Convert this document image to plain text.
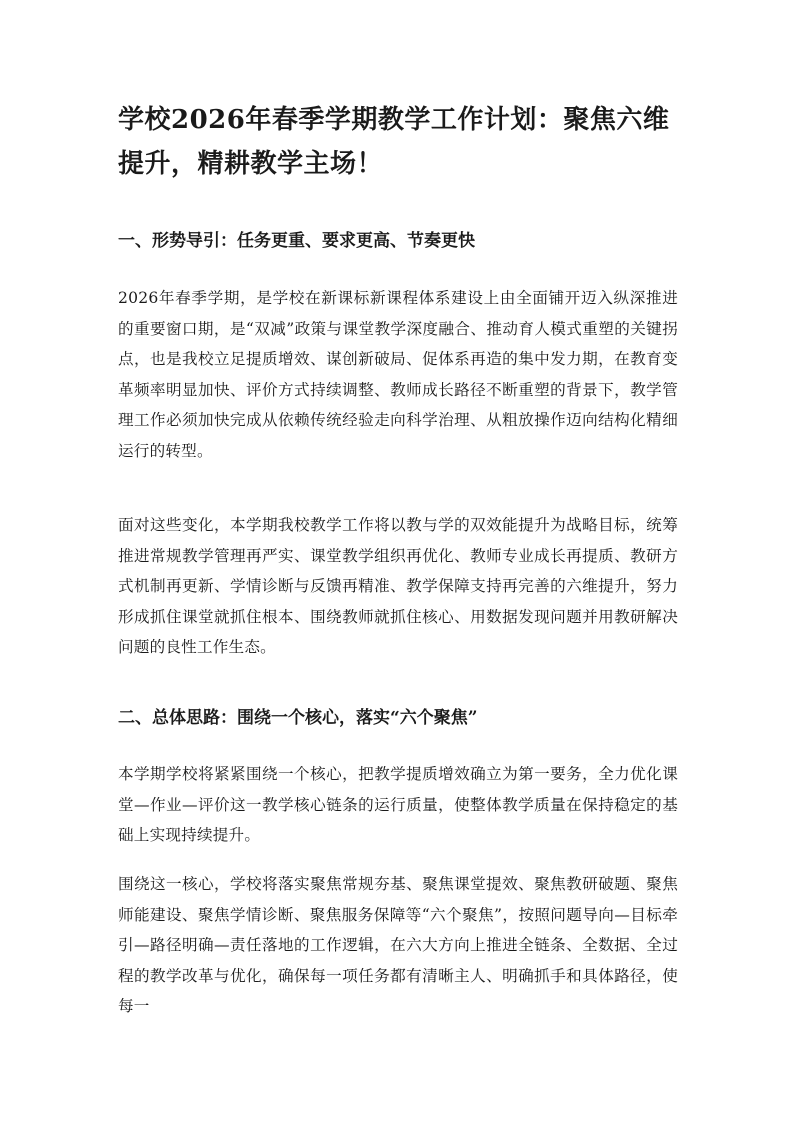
学校2026年春季学期教学工作计划：聚焦六维提升，精耕教学主场！
一、形势导引：任务更重、要求更高、节奏更快

2026年春季学期，是学校在新课标新课程体系建设上由全面铺开迈入纵深推进的重要窗口期，是“双减”政策与课堂教学深度融合、推动育人模式重塑的关键拐点，也是我校立足提质增效、谋创新破局、促体系再造的集中发力期，在教育变革频率明显加快、评价方式持续调整、教师成长路径不断重塑的背景下，教学管理工作必须加快完成从依赖传统经验走向科学治理、从粗放操作迈向结构化精细运行的转型。

面对这些变化，本学期我校教学工作将以教与学的双效能提升为战略目标，统筹推进常规教学管理再严实、课堂教学组织再优化、教师专业成长再提质、教研方式机制再更新、学情诊断与反馈再精准、教学保障支持再完善的六维提升，努力形成抓住课堂就抓住根本、围绕教师就抓住核心、用数据发现问题并用教研解决问题的良性工作生态。

二、总体思路：围绕一个核心，落实“六个聚焦”

本学期学校将紧紧围绕一个核心，把教学提质增效确立为第一要务，全力优化课堂—作业—评价这一教学核心链条的运行质量，使整体教学质量在保持稳定的基础上实现持续提升。

围绕这一核心，学校将落实聚焦常规夯基、聚焦课堂提效、聚焦教研破题、聚焦师能建设、聚焦学情诊断、聚焦服务保障等“六个聚焦”，按照问题导向—目标牵引—路径明确—责任落地的工作逻辑，在六大方向上推进全链条、全数据、全过程的教学改革与优化，确保每一项任务都有清晰主人、明确抓手和具体路径，使每一
